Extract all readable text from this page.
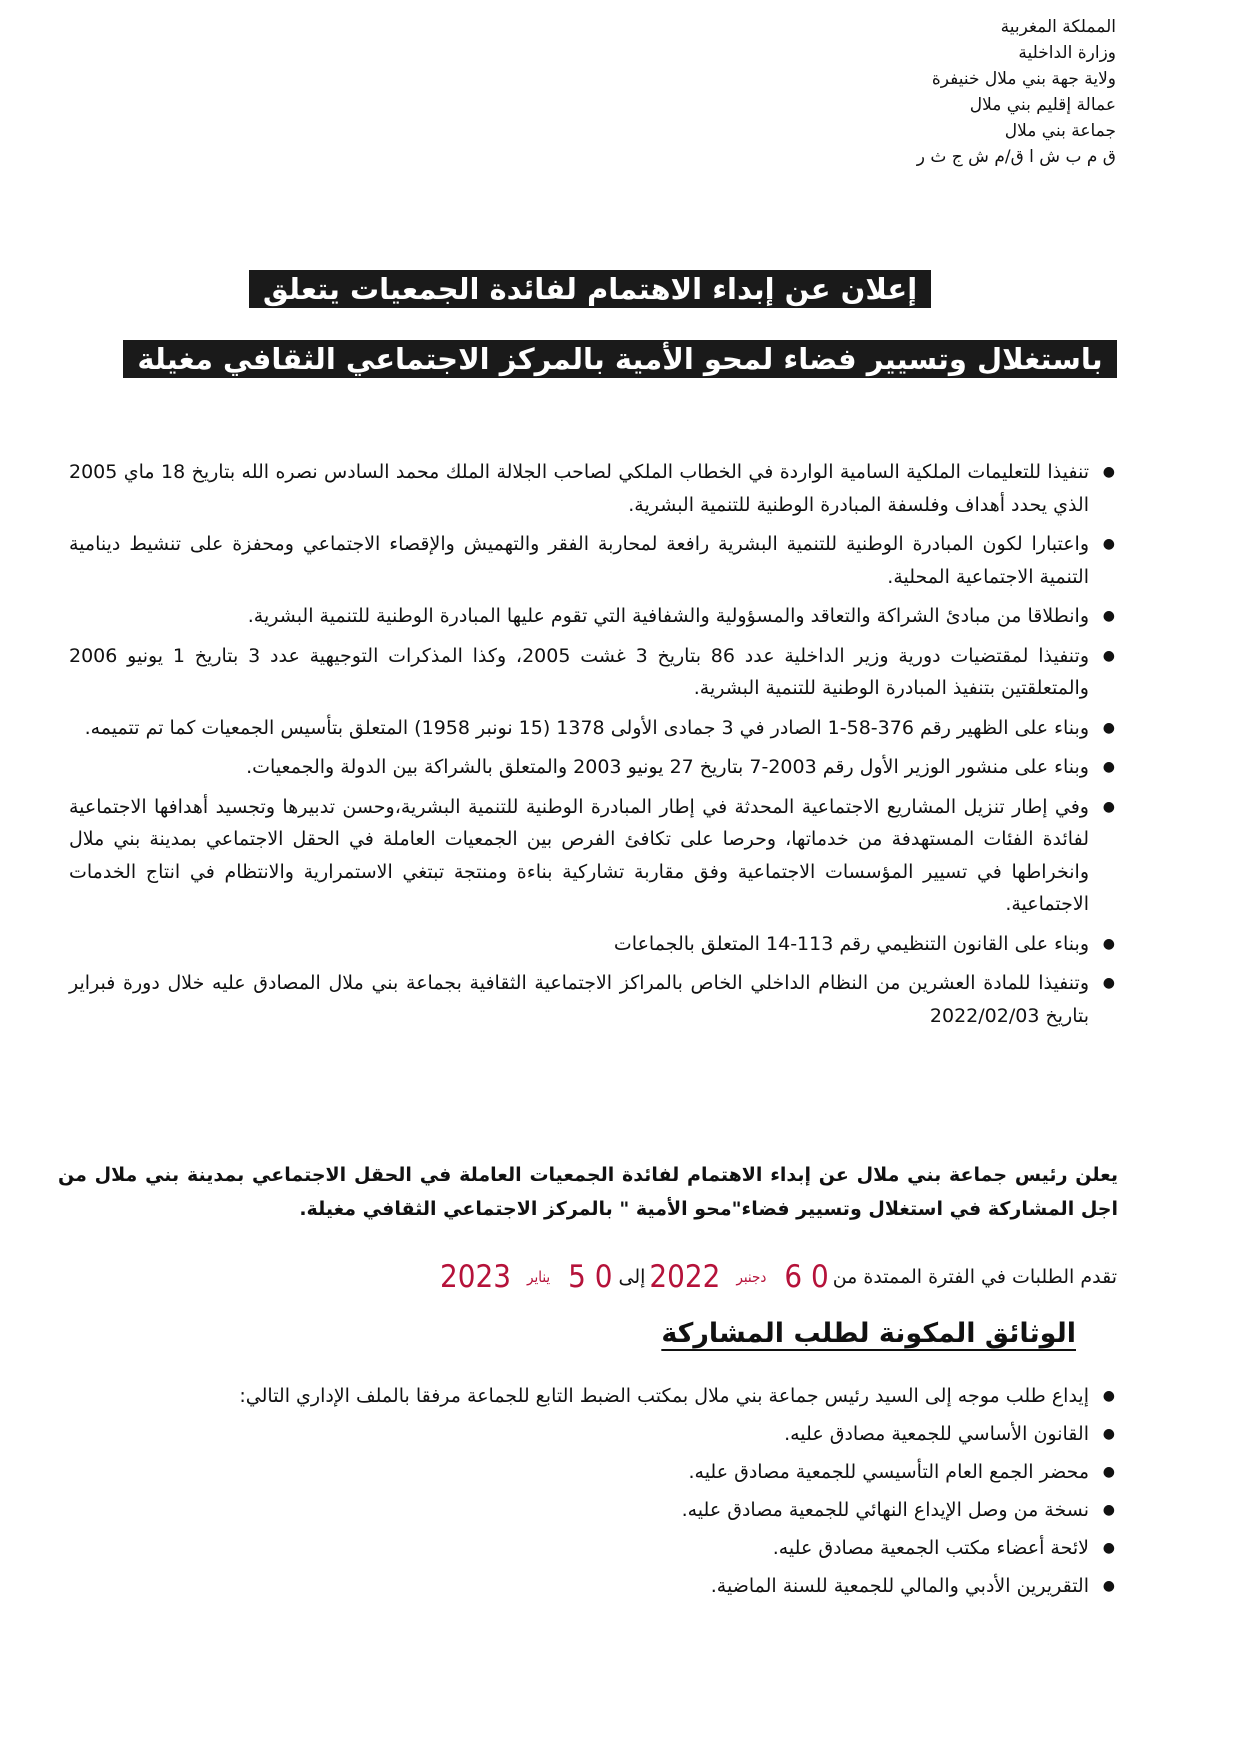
المملكة المغربية
وزارة الداخلية
ولاية جهة بني ملال خنيفرة
عمالة إقليم بني ملال
جماعة بني ملال
ق م ب ش ا ق/م ش ج ث ر
إعلان عن إبداء الاهتمام لفائدة الجمعيات يتعلق
باستغلال وتسيير فضاء لمحو الأمية بالمركز الاجتماعي الثقافي مغيلة
● تنفيذا للتعليمات الملكية السامية الواردة في الخطاب الملكي لصاحب الجلالة الملك محمد السادس نصره الله بتاريخ 18 ماي 2005 الذي يحدد أهداف وفلسفة المبادرة الوطنية للتنمية البشرية.
● واعتبارا لكون المبادرة الوطنية للتنمية البشرية رافعة لمحاربة الفقر والتهميش والإقصاء الاجتماعي ومحفزة على تنشيط دينامية التنمية الاجتماعية المحلية.
● وانطلاقا من مبادئ الشراكة والتعاقد والمسؤولية والشفافية التي تقوم عليها المبادرة الوطنية للتنمية البشرية.
● وتنفيذا لمقتضيات دورية وزير الداخلية عدد 86 بتاريخ 3 غشت 2005، وكذا المذكرات التوجيهية عدد 3 بتاريخ 1 يونيو 2006 والمتعلقتين بتنفيذ المبادرة الوطنية للتنمية البشرية.
● وبناء على الظهير رقم 376-58-1 الصادر في 3 جمادى الأولى 1378 (15 نونبر 1958) المتعلق بتأسيس الجمعيات كما تم تتميمه.
● وبناء على منشور الوزير الأول رقم 2003-7 بتاريخ 27 يونيو 2003 والمتعلق بالشراكة بين الدولة والجمعيات.
● وفي إطار تنزيل المشاريع الاجتماعية المحدثة في إطار المبادرة الوطنية للتنمية البشرية،وحسن تدبيرها وتجسيد أهدافها الاجتماعية لفائدة الفئات المستهدفة من خدماتها، وحرصا على تكافئ الفرص بين الجمعيات العاملة في الحقل الاجتماعي بمدينة بني ملال وانخراطها في تسيير المؤسسات الاجتماعية وفق مقاربة تشاركية بناءة ومنتجة تبتغي الاستمرارية والانتظام في انتاج الخدمات الاجتماعية.
● وبناء على القانون التنظيمي رقم 113-14 المتعلق بالجماعات
● وتنفيذا للمادة العشرين من النظام الداخلي الخاص بالمراكز الاجتماعية الثقافية بجماعة بني ملال المصادق عليه خلال دورة فبراير بتاريخ 2022/02/03
يعلن رئيس جماعة بني ملال عن إبداء الاهتمام لفائدة الجمعيات العاملة في الحقل الاجتماعي بمدينة بني ملال من اجل المشاركة في استغلال وتسيير فضاء"محو الأمية " بالمركز الاجتماعي الثقافي مغيلة.
تقدم الطلبات في الفترة الممتدة من
0 6
دجنبر
2022
إلى
0 5
يناير
2023
الوثائق المكونة لطلب المشاركة
● إيداع طلب موجه إلى السيد رئيس جماعة بني ملال بمكتب الضبط التابع للجماعة مرفقا بالملف الإداري التالي:
● القانون الأساسي للجمعية مصادق عليه.
● محضر الجمع العام التأسيسي للجمعية مصادق عليه.
● نسخة من وصل الإيداع النهائي للجمعية مصادق عليه.
● لائحة أعضاء مكتب الجمعية مصادق عليه.
● التقريرين الأدبي والمالي للجمعية للسنة الماضية.
